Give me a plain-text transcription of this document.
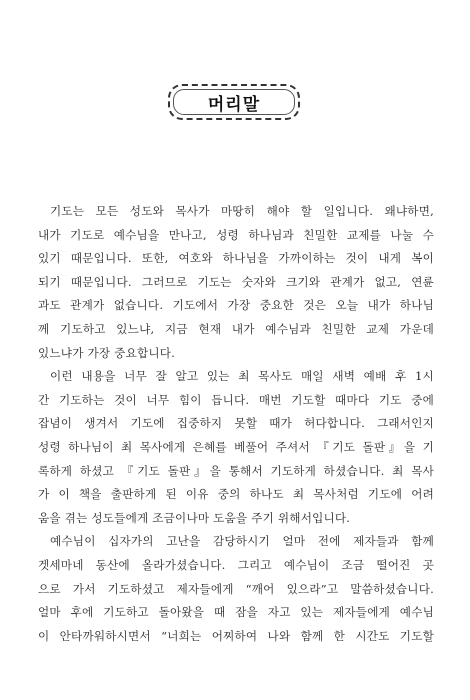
머리말
기도는 모든 성도와 목사가 마땅히 해야 할 일입니다. 왜냐하면,
내가 기도로 예수님을 만나고, 성령 하나님과 친밀한 교제를 나눌 수
있기 때문입니다. 또한, 여호와 하나님을 가까이하는 것이 내게 복이
되기 때문입니다. 그러므로 기도는 숫자와 크기와 관계가 없고, 연륜
과도 관계가 없습니다. 기도에서 가장 중요한 것은 오늘 내가 하나님
께 기도하고 있느냐, 지금 현재 내가 예수님과 친밀한 교제 가운데
있느냐가 가장 중요합니다.
이런 내용을 너무 잘 알고 있는 최 목사도 매일 새벽 예배 후 1시
간 기도하는 것이 너무 힘이 듭니다. 매번 기도할 때마다 기도 중에
잡념이 생겨서 기도에 집중하지 못할 때가 허다합니다. 그래서인지
성령 하나님이 최 목사에게 은혜를 베풀어 주셔서 『기도 돌판』을 기
록하게 하셨고 『기도 돌판』을 통해서 기도하게 하셨습니다. 최 목사
가 이 책을 출판하게 된 이유 중의 하나도 최 목사처럼 기도에 어려
움을 겪는 성도들에게 조금이나마 도움을 주기 위해서입니다.
예수님이 십자가의 고난을 감당하시기 얼마 전에 제자들과 함께
겟세마네 동산에 올라가셨습니다. 그리고 예수님이 조금 떨어진 곳
으로 가서 기도하셨고 제자들에게 “깨어 있으라”고 말씀하셨습니다.
얼마 후에 기도하고 돌아왔을 때 잠을 자고 있는 제자들에게 예수님
이 안타까워하시면서 “너희는 어찌하여 나와 함께 한 시간도 기도할
